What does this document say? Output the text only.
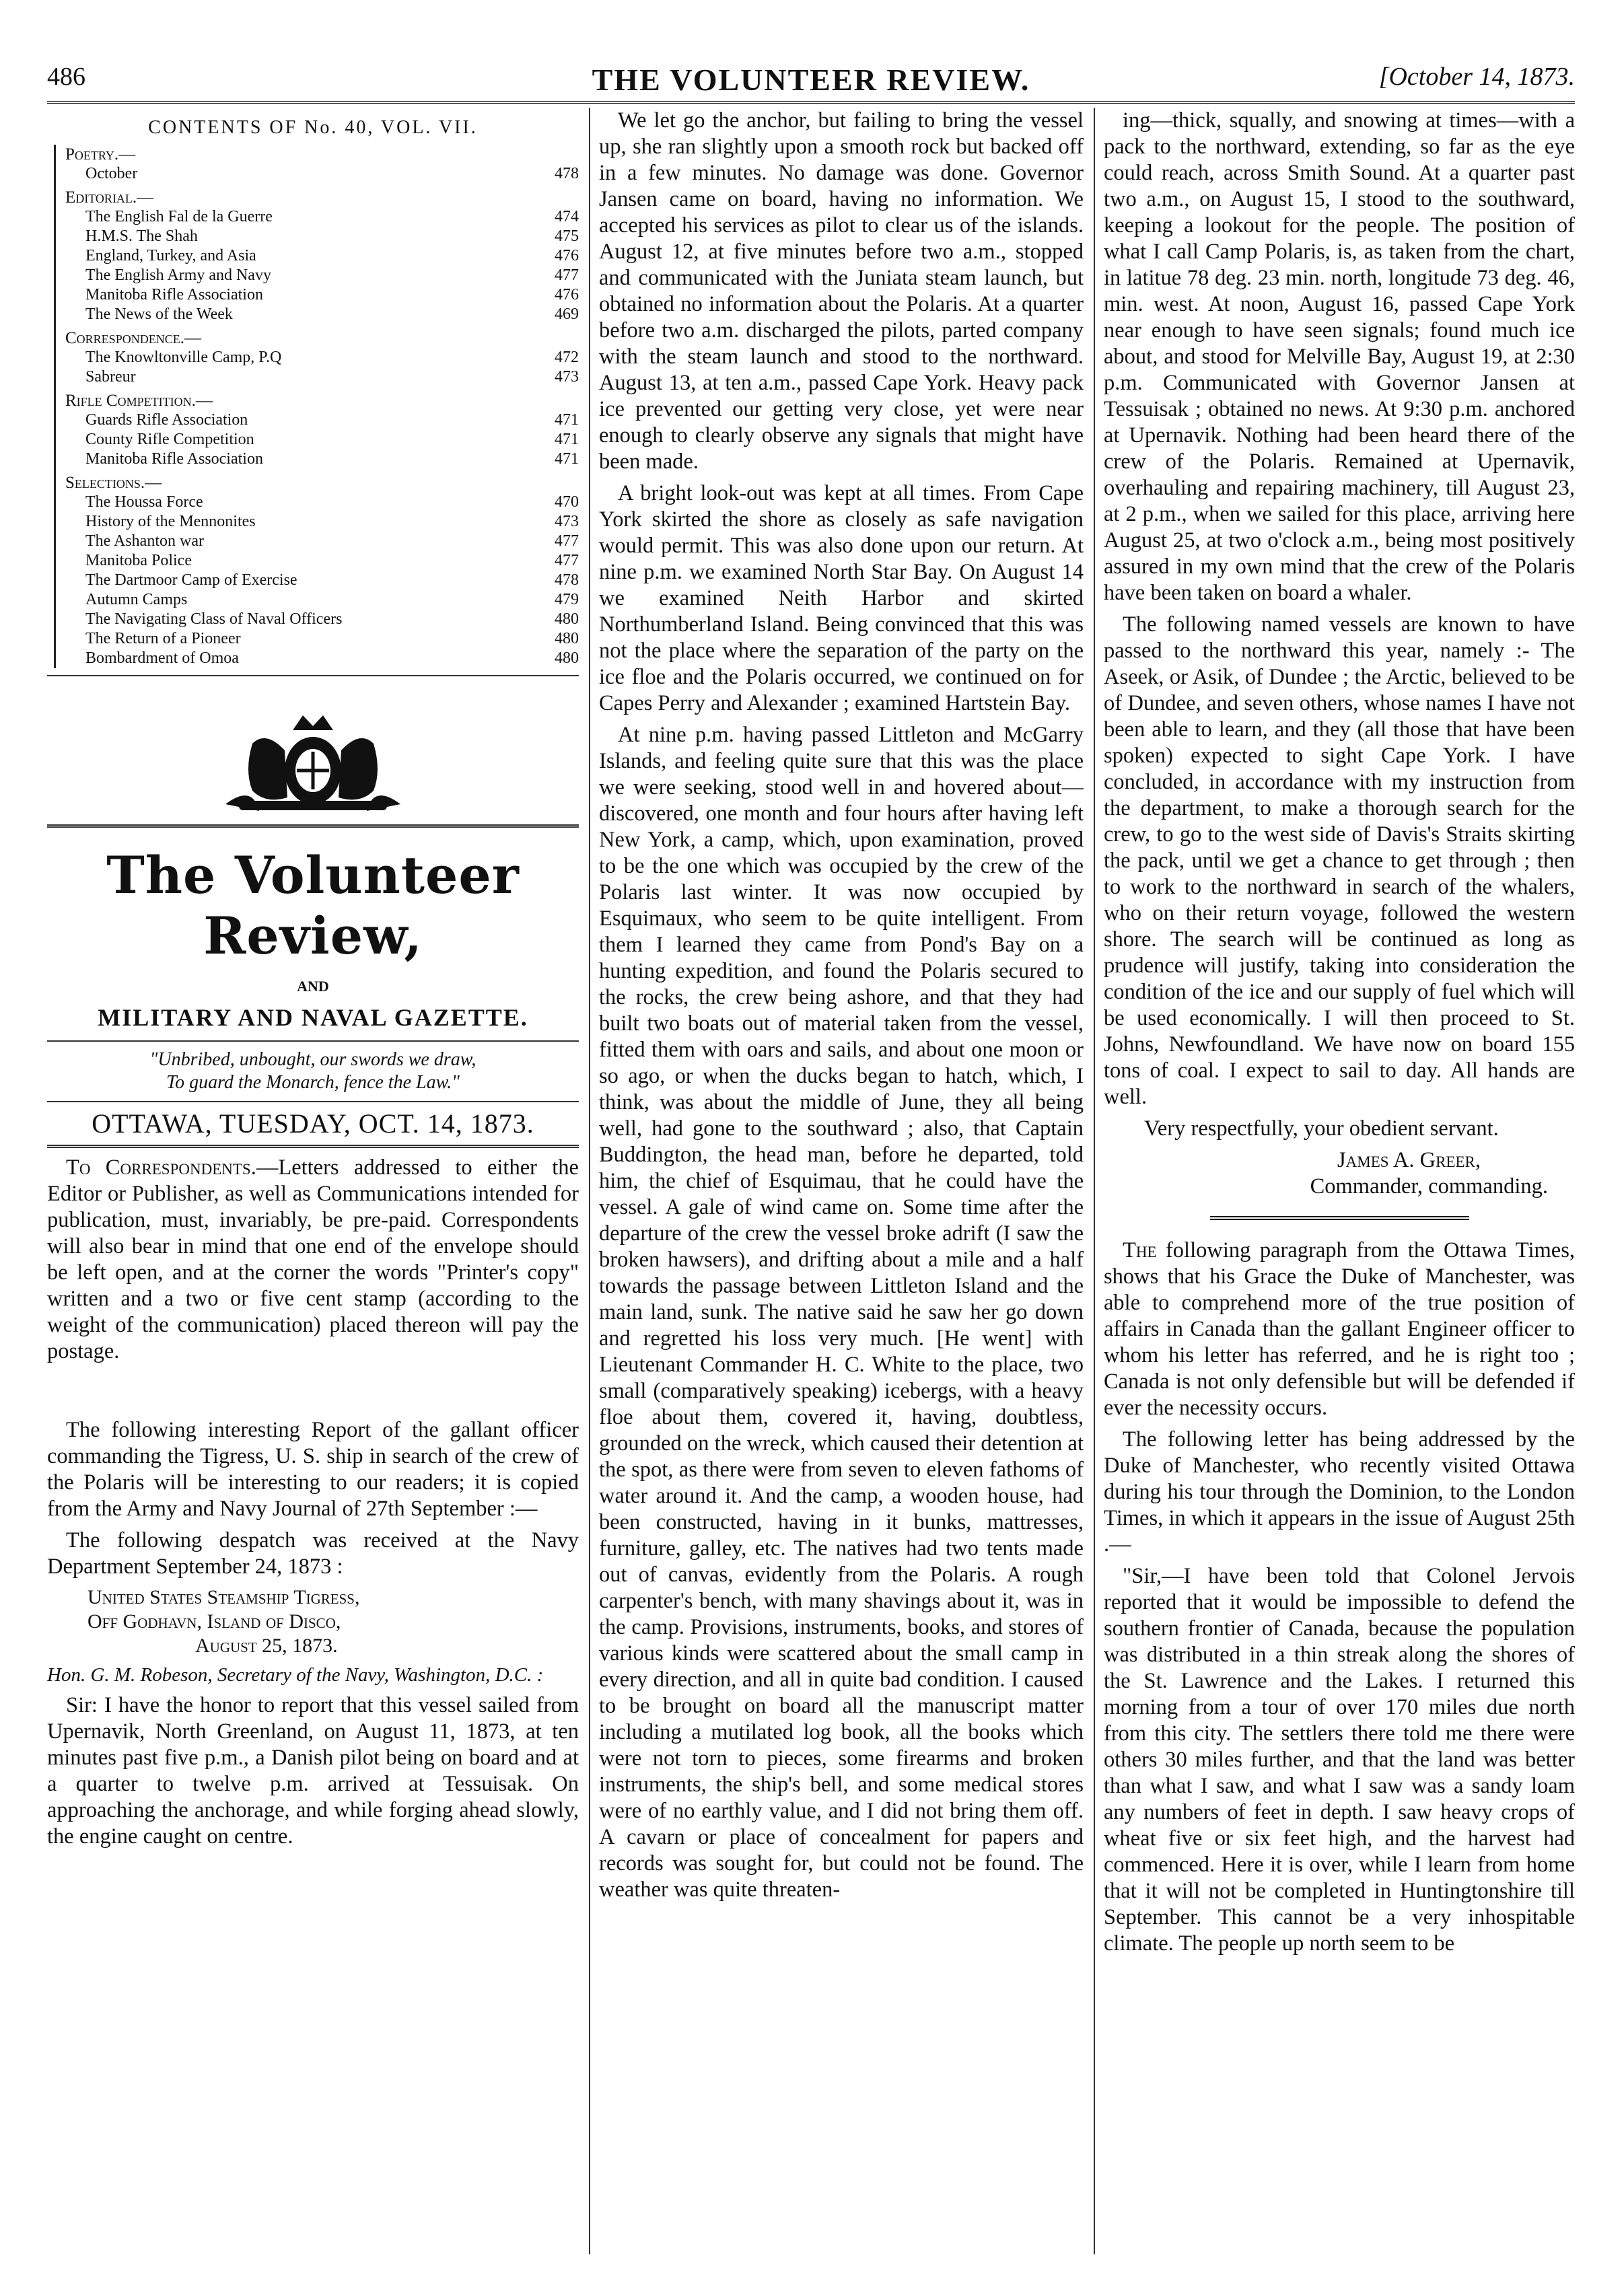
486	THE VOLUNTEER REVIEW.	[October 14, 1873.
CONTENTS OF No. 40, VOL. VII.
Poetry.—
October	478
Editorial.—
The English Fal de la Guerre	474
H.M.S. The Shah	475
England, Turkey, and Asia	476
The English Army and Navy	477
Manitoba Rifle Association	476
The News of the Week	469
Correspondence.—
The Knowltonville Camp, P.Q	472
Sabreur	473
Rifle Competition.—
Guards Rifle Association	471
County Rifle Competition	471
Manitoba Rifle Association	471
Selections.—
The Houssa Force	470
History of the Mennonites	473
The Ashanton war	477
Manitoba Police	477
The Dartmoor Camp of Exercise	478
Autumn Camps	479
The Navigating Class of Naval Officers	480
The Return of a Pioneer	480
Bombardment of Omoa	480
The Volunteer Review,
AND
MILITARY AND NAVAL GAZETTE.
"Unbribed, unbought, our swords we draw,
To guard the Monarch, fence the Law."
OTTAWA, TUESDAY, OCT. 14, 1873.

To Correspondents.—Letters addressed to either the Editor or Publisher, as well as Communications intended for publication, must, invariably, be pre-paid. Correspondents will also bear in mind that one end of the envelope should be left open, and at the corner the words "Printer's copy" written and a two or five cent stamp (according to the weight of the communication) placed thereon will pay the postage.

The following interesting Report of the gallant officer commanding the Tigress, U. S. ship in search of the crew of the Polaris will be interesting to our readers; it is copied from the Army and Navy Journal of 27th September :—

The following despatch was received at the Navy Department September 24, 1873 :

United States Steamship Tigress,
Off Godhavn, Island of Disco,
August 25, 1873.
Hon. G. M. Robeson, Secretary of the Navy, Washington, D.C. :

Sir: I have the honor to report that this vessel sailed from Upernavik, North Greenland, on August 11, 1873, at ten minutes past five p.m., a Danish pilot being on board and at a quarter to twelve p.m. arrived at Tessuisak. On approaching the anchorage, and while forging ahead slowly, the engine caught on centre.

We let go the anchor, but failing to bring the vessel up, she ran slightly upon a smooth rock but backed off in a few minutes. No damage was done. Governor Jansen came on board, having no information. We accepted his services as pilot to clear us of the islands. August 12, at five minutes before two a.m., stopped and communicated with the Juniata steam launch, but obtained no information about the Polaris. At a quarter before two a.m. discharged the pilots, parted company with the steam launch and stood to the northward. August 13, at ten a.m., passed Cape York. Heavy pack ice prevented our getting very close, yet were near enough to clearly observe any signals that might have been made.

A bright look-out was kept at all times. From Cape York skirted the shore as closely as safe navigation would permit. This was also done upon our return. At nine p.m. we examined North Star Bay. On August 14 we examined Neith Harbor and skirted Northumberland Island. Being convinced that this was not the place where the separation of the party on the ice floe and the Polaris occurred, we continued on for Capes Perry and Alexander ; examined Hartstein Bay.

At nine p.m. having passed Littleton and McGarry Islands, and feeling quite sure that this was the place we were seeking, stood well in and hovered about—discovered, one month and four hours after having left New York, a camp, which, upon examination, proved to be the one which was occupied by the crew of the Polaris last winter. It was now occupied by Esquimaux, who seem to be quite intelligent. From them I learned they came from Pond's Bay on a hunting expedition, and found the Polaris secured to the rocks, the crew being ashore, and that they had built two boats out of material taken from the vessel, fitted them with oars and sails, and about one moon or so ago, or when the ducks began to hatch, which, I think, was about the middle of June, they all being well, had gone to the southward ; also, that Captain Buddington, the head man, before he departed, told him, the chief of Esquimau, that he could have the vessel. A gale of wind came on. Some time after the departure of the crew the vessel broke adrift (I saw the broken hawsers), and drifting about a mile and a half towards the passage between Littleton Island and the main land, sunk. The native said he saw her go down and regretted his loss very much. [He went] with Lieutenant Commander H. C. White to the place, two small (comparatively speaking) icebergs, with a heavy floe about them, covered it, having, doubtless, grounded on the wreck, which caused their detention at the spot, as there were from seven to eleven fathoms of water around it. And the camp, a wooden house, had been constructed, having in it bunks, mattresses, furniture, galley, etc. The natives had two tents made out of canvas, evidently from the Polaris. A rough carpenter's bench, with many shavings about it, was in the camp. Provisions, instruments, books, and stores of various kinds were scattered about the small camp in every direction, and all in quite bad condition. I caused to be brought on board all the manuscript matter including a mutilated log book, all the books which were not torn to pieces, some firearms and broken instruments, the ship's bell, and some medical stores were of no earthly value, and I did not bring them off. A cavarn or place of concealment for papers and records was sought for, but could not be found. The weather was quite threaten-

ing—thick, squally, and snowing at times—with a pack to the northward, extending, so far as the eye could reach, across Smith Sound. At a quarter past two a.m., on August 15, I stood to the southward, keeping a lookout for the people. The position of what I call Camp Polaris, is, as taken from the chart, in latitue 78 deg. 23 min. north, longitude 73 deg. 46, min. west. At noon, August 16, passed Cape York near enough to have seen signals; found much ice about, and stood for Melville Bay, August 19, at 2:30 p.m. Communicated with Governor Jansen at Tessuisak ; obtained no news. At 9:30 p.m. anchored at Upernavik. Nothing had been heard there of the crew of the Polaris. Remained at Upernavik, overhauling and repairing machinery, till August 23, at 2 p.m., when we sailed for this place, arriving here August 25, at two o'clock a.m., being most positively assured in my own mind that the crew of the Polaris have been taken on board a whaler.

The following named vessels are known to have passed to the northward this year, namely :- The Aseek, or Asik, of Dundee ; the Arctic, believed to be of Dundee, and seven others, whose names I have not been able to learn, and they (all those that have been spoken) expected to sight Cape York. I have concluded, in accordance with my instruction from the department, to make a thorough search for the crew, to go to the west side of Davis's Straits skirting the pack, until we get a chance to get through ; then to work to the northward in search of the whalers, who on their return voyage, followed the western shore. The search will be continued as long as prudence will justify, taking into consideration the condition of the ice and our supply of fuel which will be used economically. I will then proceed to St. Johns, Newfoundland. We have now on board 155 tons of coal. I expect to sail to day. All hands are well.

Very respectfully, your obedient servant.

James A. Greer,

Commander, commanding.

The following paragraph from the Ottawa Times, shows that his Grace the Duke of Manchester, was able to comprehend more of the true position of affairs in Canada than the gallant Engineer officer to whom his letter has referred, and he is right too ; Canada is not only defensible but will be defended if ever the necessity occurs.

The following letter has being addressed by the Duke of Manchester, who recently visited Ottawa during his tour through the Dominion, to the London Times, in which it appears in the issue of August 25th .—

"Sir,—I have been told that Colonel Jervois reported that it would be impossible to defend the southern frontier of Canada, because the population was distributed in a thin streak along the shores of the St. Lawrence and the Lakes. I returned this morning from a tour of over 170 miles due north from this city. The settlers there told me there were others 30 miles further, and that the land was better than what I saw, and what I saw was a sandy loam any numbers of feet in depth. I saw heavy crops of wheat five or six feet high, and the harvest had commenced. Here it is over, while I learn from home that it will not be completed in Huntingtonshire till September. This cannot be a very inhospitable climate. The people up north seem to be
